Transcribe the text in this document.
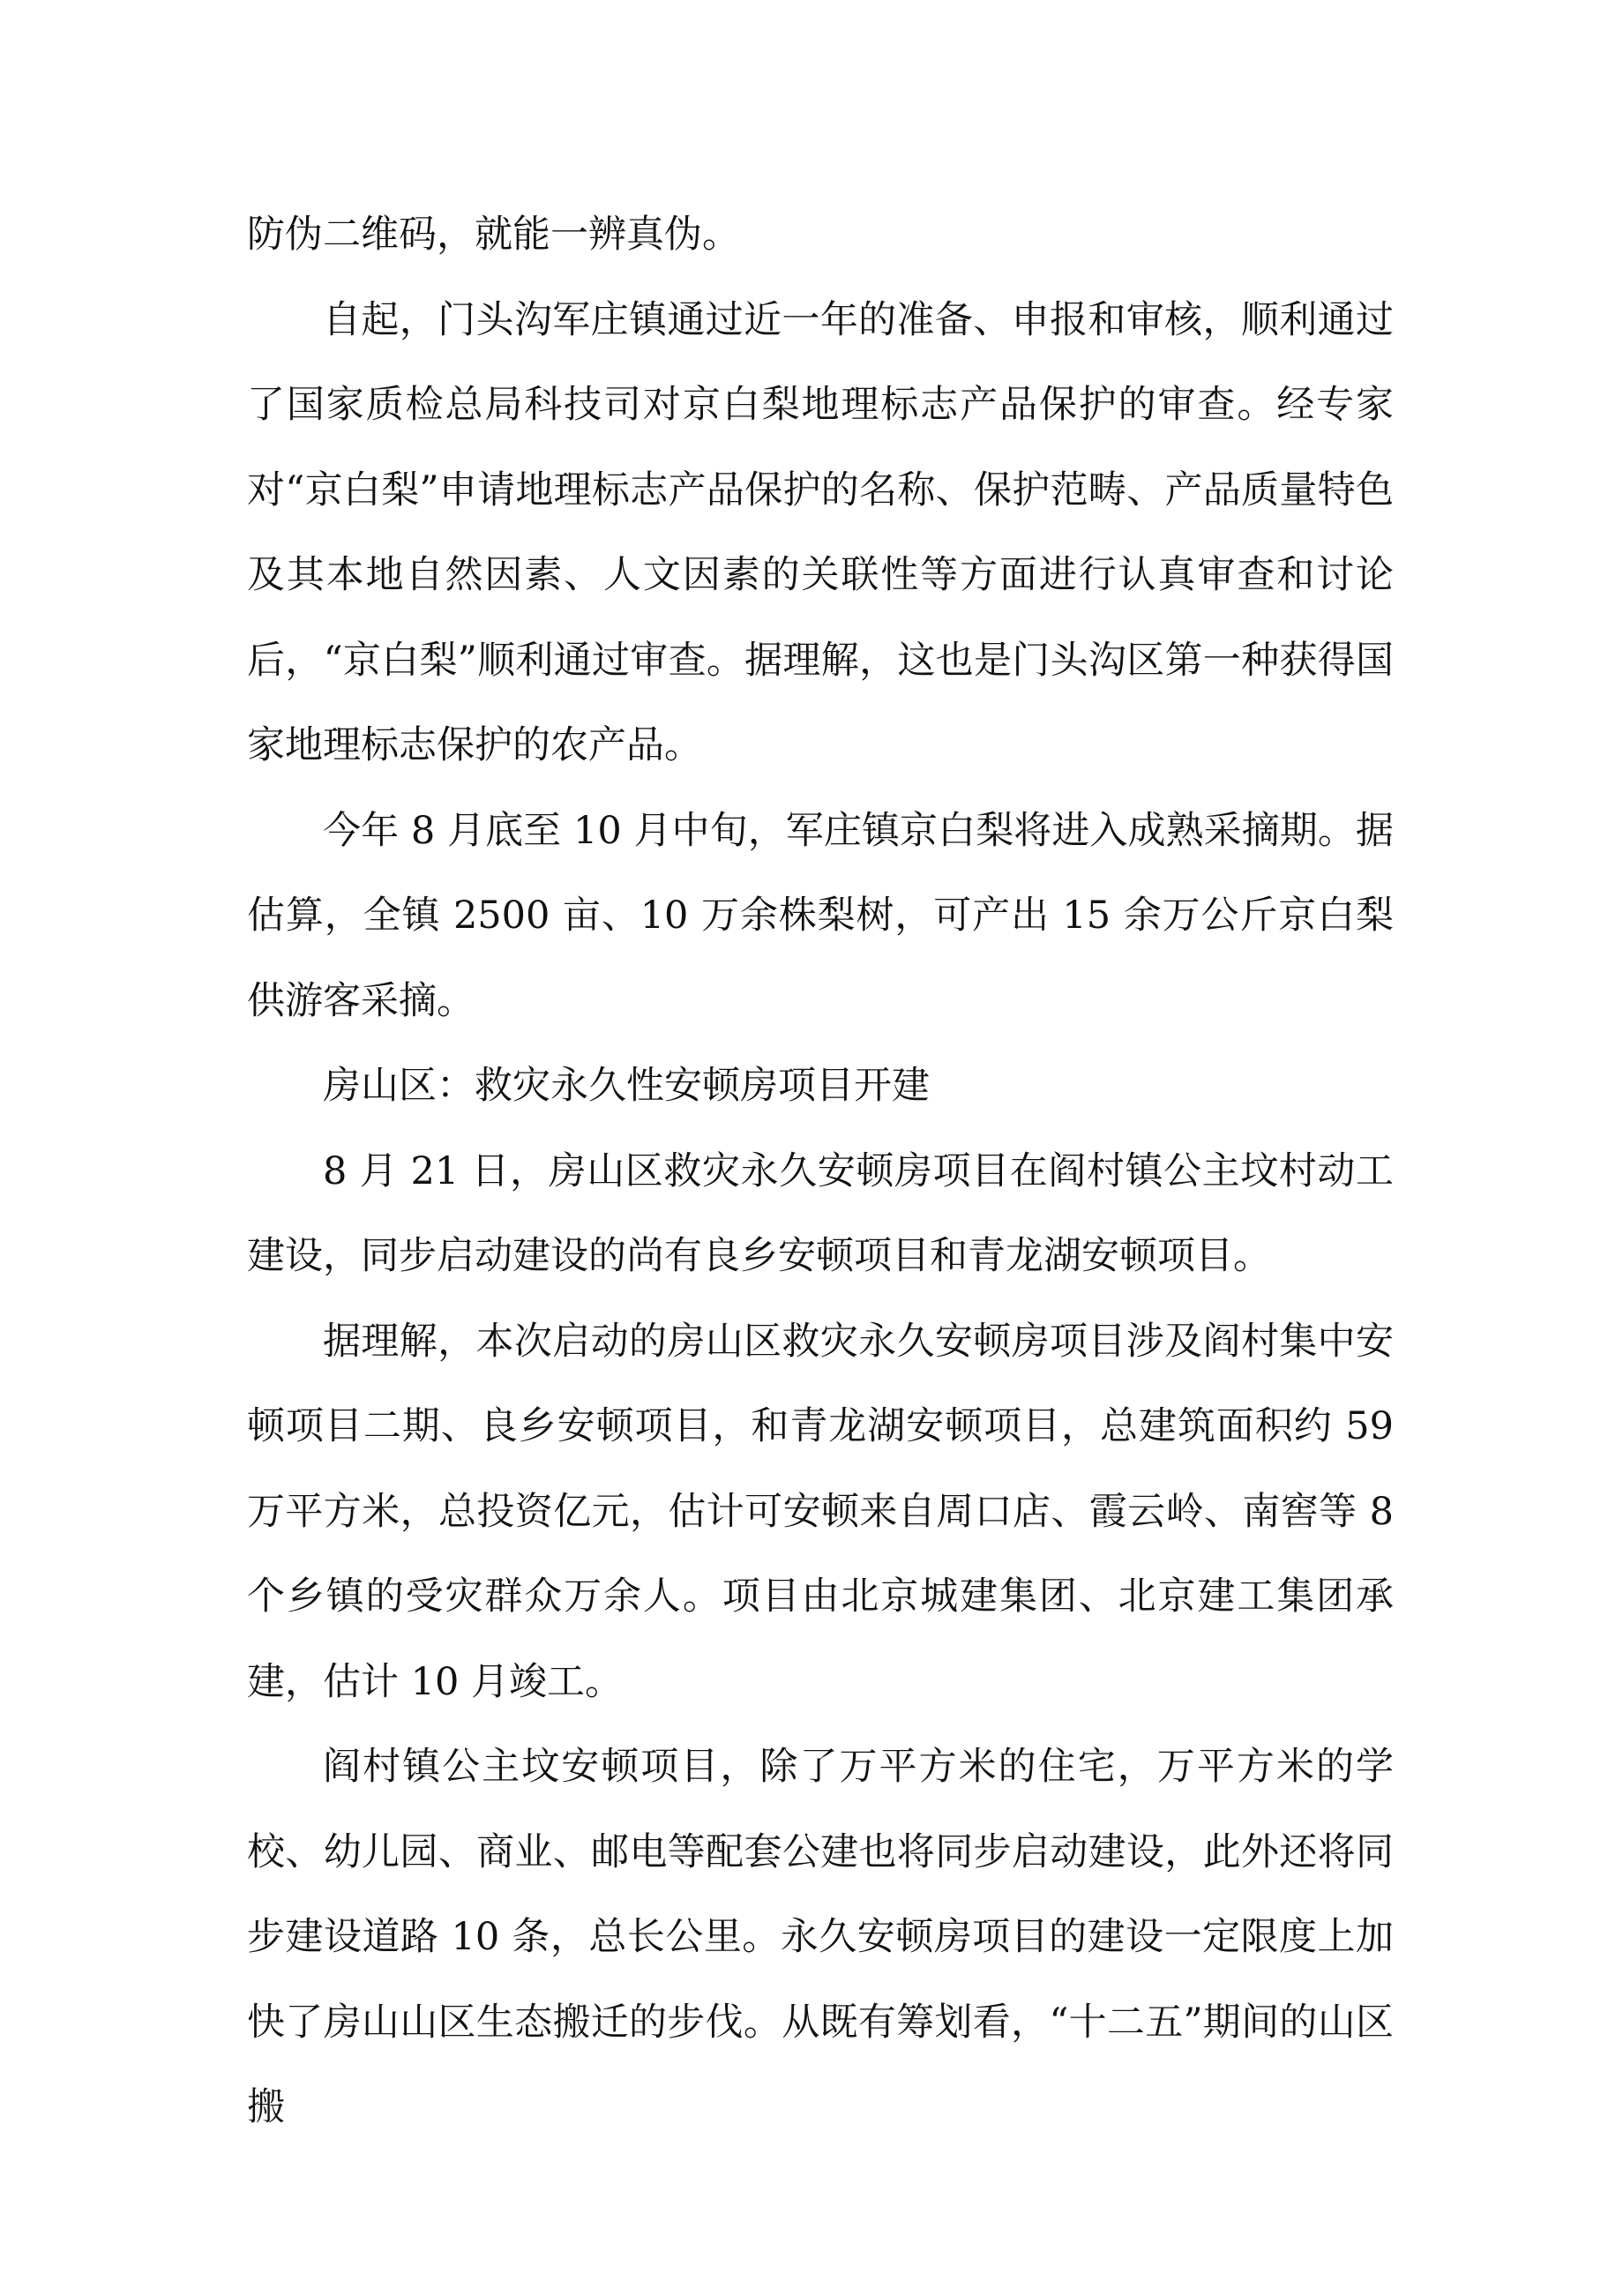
防伪二维码，就能一辨真伪。

自起，门头沟军庄镇通过近一年的准备、申报和审核，顺利通过了国家质检总局科技司对京白梨地理标志产品保护的审查。经专家对“京白梨”申请地理标志产品保护的名称、保护范畴、产品质量特色及其本地自然因素、人文因素的关联性等方面进行认真审查和讨论后，“京白梨”顺利通过审查。据理解，这也是门头沟区第一种获得国家地理标志保护的农产品。

今年 8 月底至 10 月中旬，军庄镇京白梨将进入成熟采摘期。据估算，全镇 2500 亩、10 万余株梨树，可产出 15 余万公斤京白梨供游客采摘。

房山区：救灾永久性安顿房项目开建

8 月 21 日，房山区救灾永久安顿房项目在阎村镇公主坟村动工建设，同步启动建设的尚有良乡安顿项目和青龙湖安顿项目。

据理解，本次启动的房山区救灾永久安顿房项目涉及阎村集中安顿项目二期、良乡安顿项目，和青龙湖安顿项目，总建筑面积约 59 万平方米，总投资亿元，估计可安顿来自周口店、霞云岭、南窖等 8 个乡镇的受灾群众万余人。项目由北京城建集团、北京建工集团承建，估计 10 月竣工。

阎村镇公主坟安顿项目，除了万平方米的住宅，万平方米的学校、幼儿园、商业、邮电等配套公建也将同步启动建设，此外还将同步建设道路 10 条，总长公里。永久安顿房项目的建设一定限度上加快了房山山区生态搬迁的步伐。从既有筹划看，“十二五”期间的山区搬
